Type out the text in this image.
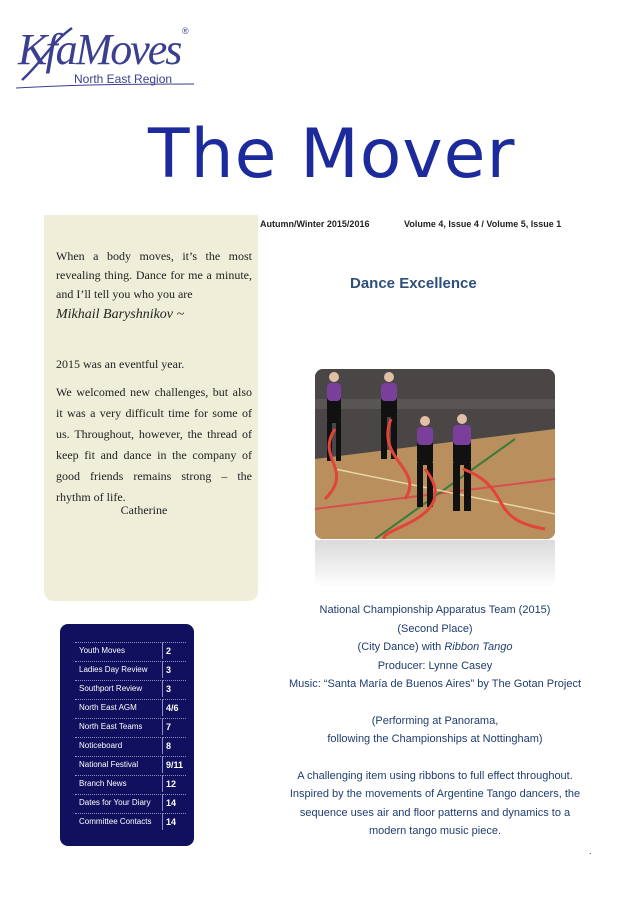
KfaMoves ®
North East Region
The Mover
When a body moves, it’s the most revealing thing. Dance for me a minute, and I’ll tell you who you are
Mikhail Baryshnikov ~
2015 was an eventful year.
We welcomed new challenges, but also it was a very difficult time for some of us. Throughout, however, the thread of keep fit and dance in the company of good friends remains strong – the rhythm of life.
Catherine
Autumn/Winter 2015/2016	Volume 4, Issue 4 / Volume 5, Issue 1
Dance Excellence
National Championship Apparatus Team (2015)
(Second Place)
(City Dance) with Ribbon Tango
Producer: Lynne Casey
Music: “Santa María de Buenos Aires” by The Gotan Project
(Performing at Panorama,
following the Championships at Nottingham)
A challenging item using ribbons to full effect throughout.
Inspired by the movements of Argentine Tango dancers, the
sequence uses air and floor patterns and dynamics to a
modern tango music piece.
.
Youth Moves	2
Ladies Day Review	3
Southport Review	3
North East AGM	4/6
North East Teams	7
Noticeboard	8
National Festival	9/11
Branch News	12
Dates for Your Diary	14
Committee Contacts	14
